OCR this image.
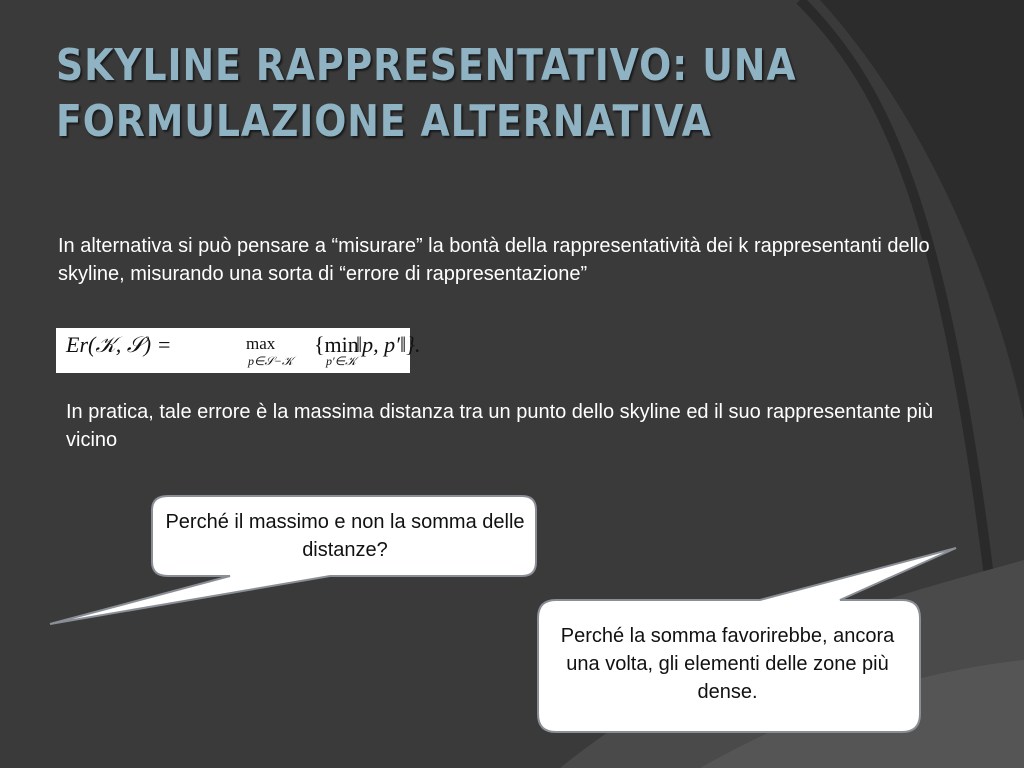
SKYLINE RAPPRESENTATIVO: UNA FORMULAZIONE ALTERNATIVA
In alternativa si può pensare a “misurare” la bontà della rappresentatività dei k rappresentanti dello skyline, misurando una sorta di “errore di rappresentazione”
Er(𝒦, 𝒮) =	max
p∈𝒮−𝒦
{min
p′∈𝒦
‖p, p′‖}.
In pratica, tale errore è la massima distanza tra un punto dello skyline ed il suo rappresentante più vicino
Perché il massimo e non la somma delle distanze?
Perché la somma favorirebbe, ancora una volta, gli elementi delle zone più dense.
